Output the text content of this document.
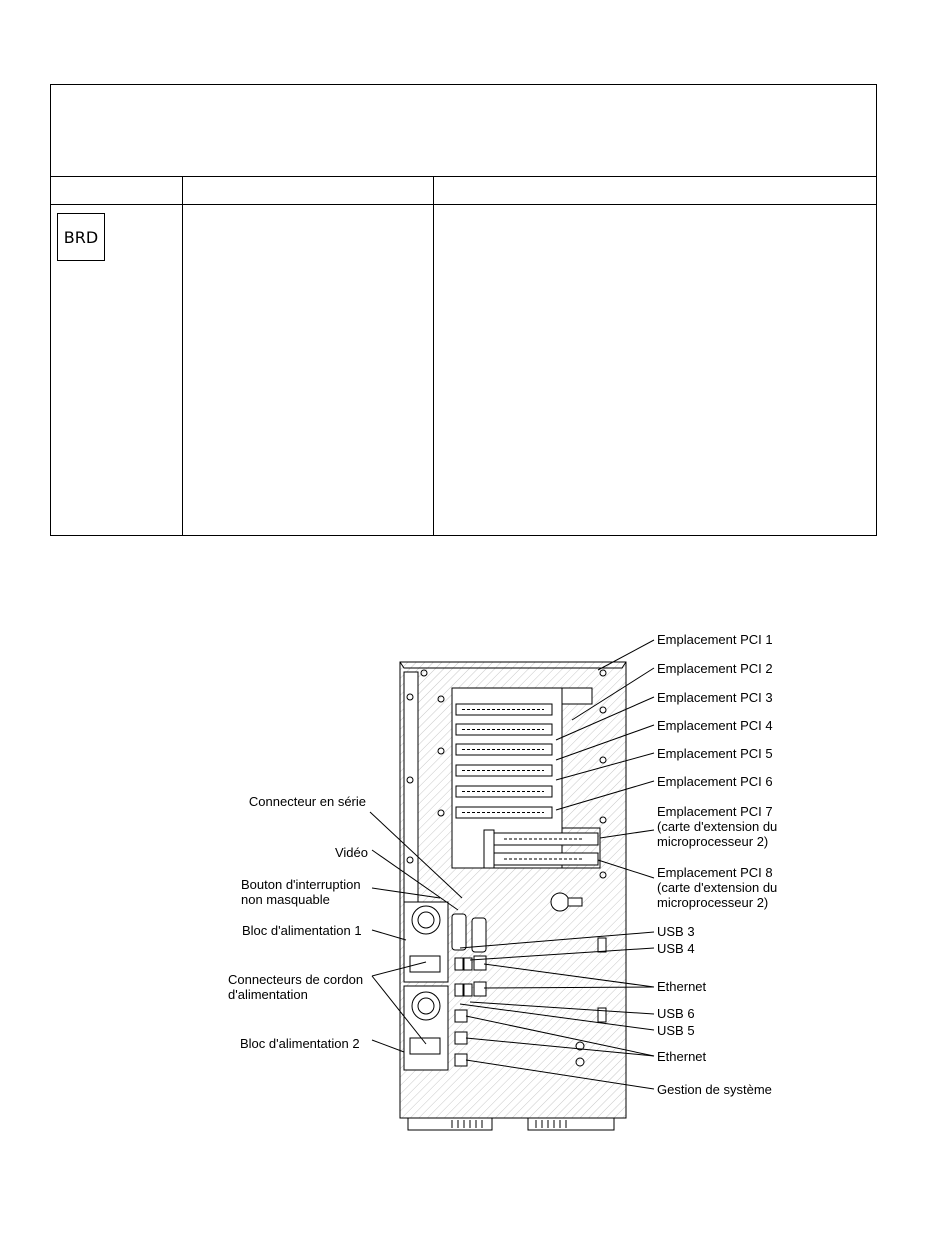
BRD
Emplacement PCI 1
Emplacement PCI 2
Emplacement PCI 3
Emplacement PCI 4
Emplacement PCI 5
Emplacement PCI 6
Emplacement PCI 7
(carte d'extension du
microprocesseur 2)
Emplacement PCI 8
(carte d'extension du
microprocesseur 2)
USB 3
USB 4
Ethernet
USB 6
USB 5
Ethernet
Gestion de système
Connecteur en série
Vidéo
Bouton d'interruption
non masquable
Bloc d'alimentation 1
Connecteurs de cordon
d'alimentation
Bloc d'alimentation 2
